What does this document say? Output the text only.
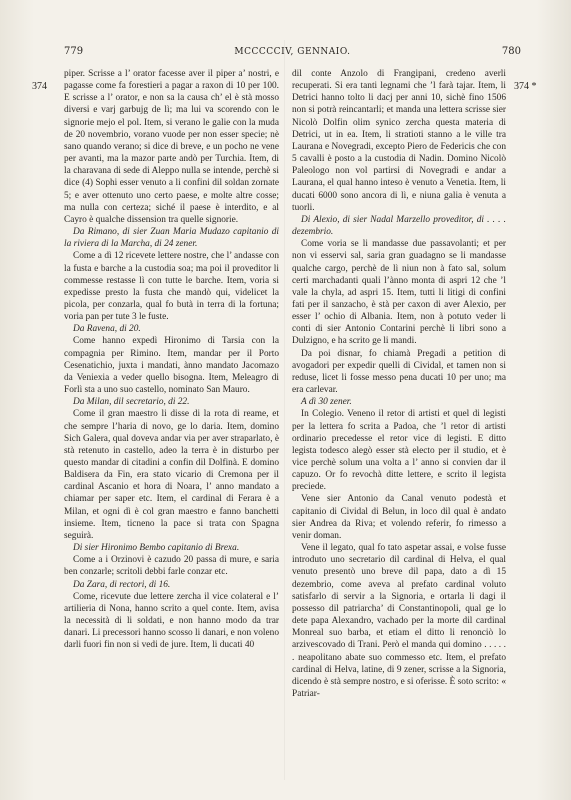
779	MCCCCCIV, GENNAIO.	780
374	374 *

piper. Scrisse a l’ orator facesse aver il piper a’ nostri, e pagasse come fa forestieri a pagar a raxon di 10 per 100. E scrisse a l’ orator, e non sa la causa ch’ el è stà mosso diversi e varj garbujg de lì; ma lui va scorendo con le signorie mejo el pol. Item, si verano le galie con la muda de 20 novembrio, vorano vuode per non esser specie; nè sano quando verano; si dice di breve, e un pocho ne vene per avanti, ma la mazor parte andò per Turchia. Item, di la charavana di sede di Aleppo nulla se intende, perchè si dice (4) Sophi esser venuto a li confini dil soldan zornate 5; e aver ottenuto uno certo paese, e molte altre cosse; ma nulla con certeza; siché il paese è interdito, e al Cayro è qualche dissension tra quelle signorie.

Da Rimano, di sier Zuan Maria Mudazo capitanio di la riviera di la Marcha, di 24 zener.

Come a dì 12 ricevete lettere nostre, che l’ andasse con la fusta e barche a la custodia soa; ma poi il proveditor li commesse restasse lì con tutte le barche. Item, voria si expedisse presto la fusta che mandò qui, videlicet la picola, per conzarla, qual fo butà in terra di la fortuna; voria pan per tute 3 le fuste.

Da Ravena, di 20.

Come hanno expedì Hironimo di Tarsia con la compagnia per Rimino. Item, mandar per il Porto Cesenatichio, juxta i mandati, ànno mandato Jacomazo da Veniexia a veder quello bisogna. Item, Meleagro di Forlì sta a uno suo castello, nominato San Mauro.

Da Milan, dil secretario, di 22.

Come il gran maestro li disse di la rota di reame, et che sempre l’haria di novo, ge lo daria. Item, domino Sich Galera, qual doveva andar via per aver straparlato, è stà retenuto in castello, adeo la terra è in disturbo per questo mandar di citadini a confin dil Dolfinà. E domino Baldisera da Fin, era stato vicario di Cremona per il cardinal Ascanio et hora di Noara, l’ anno mandato a chiamar per saper etc. Item, el cardinal di Ferara è a Milan, et ogni dì è col gran maestro e fanno banchetti insieme. Item, ticneno la pace si trata con Spagna seguirà.

Di sier Hironimo Bembo capitanio di Brexa.

Come a i Orzinovi è cazudo 20 passa di mure, e saria ben conzarle; scritoli debbi farle conzar etc.

Da Zara, di rectori, di 16.

Come, ricevute due lettere zercha il vice colateral e l’ artilieria di Nona, hanno scrito a quel conte. Item, avisa la necessità di li soldati, e non hanno modo da trar danari. Li precessori hanno scosso li danari, e non voleno darli fuori fin non si vedi de jure. Item, li ducati 40

dil conte Anzolo di Frangipani, credeno averli recuperati. Si era tanti legnami che ’l farà tajar. Item, li Detrici hanno tolto li dacj per anni 10, sichè fino 1506 non si potrà reincantarli; et manda una lettera scrisse sier Nicolò Dolfin olim synico zercha questa materia di Detrici, ut in ea. Item, li stratioti stanno a le ville tra Laurana e Novegradi, excepto Piero de Federicis che con 5 cavalli è posto a la custodia di Nadin. Domino Nicolò Paleologo non vol partirsi di Novegradi e andar a Laurana, el qual hanno inteso è venuto a Venetia. Item, li ducati 6000 sono ancora di lì, e niuna galia è venuta a tuorli.

Di Alexio, di sier Nadal Marzello proveditor, di . . . . dezembrio.

Come voria se li mandasse due passavolanti; et per non vi esservi sal, saria gran guadagno se li mandasse qualche cargo, perchè de lì niun non à fato sal, solum certi marchadanti quali l’ànno monta di aspri 12 che ’l vale la chyla, ad aspri 15. Item, tutti li litigi di confini fati per il sanzacho, è stà per caxon di aver Alexio, per esser l’ ochio di Albania. Item, non à potuto veder li conti di sier Antonio Contarini perchè li libri sono a Dulzigno, e ha scrito ge li mandi.

Da poi disnar, fo chiamà Pregadi a petition di avogadori per expedir quelli di Cividal, et tamen non si reduse, licet li fosse messo pena ducati 10 per uno; ma era carlevar.

A dì 30 zener.

In Colegio. Veneno il retor di artisti et quel di legisti per la lettera fo scrita a Padoa, che ’l retor di artisti ordinario precedesse el retor vice di legisti. E ditto legista todesco alegò esser stà electo per il studio, et è vice perchè solum una volta a l’ anno si convien dar il capuzo. Or fo revochà ditte lettere, e scrito il legista preciede.

Vene sier Antonio da Canal venuto podestà et capitanio di Cividal di Belun, in loco dil qual è andato sier Andrea da Riva; et volendo referir, fo rimesso a venir doman.

Vene il legato, qual fo tato aspetar assai, e volse fusse introduto uno secretario dil cardinal di Helva, el qual venuto presentò uno breve dil papa, dato a dì 15 dezembrio, come aveva al prefato cardinal voluto satisfarlo di servir a la Signoria, e ortarla li dagi il possesso dil patriarcha’ di Constantinopoli, qual ge lo dete papa Alexandro, vachado per la morte dil cardinal Monreal suo barba, et etiam el ditto li renonciò lo arzivescovado di Trani. Però el manda qui domino . . . . . . neapolitano abate suo commesso etc. Item, el prefato cardinal di Helva, latine, di 9 zener, scrisse a la Signoria, dicendo è stà sempre nostro, e si oferisse. È soto scrito: « Patriar-
